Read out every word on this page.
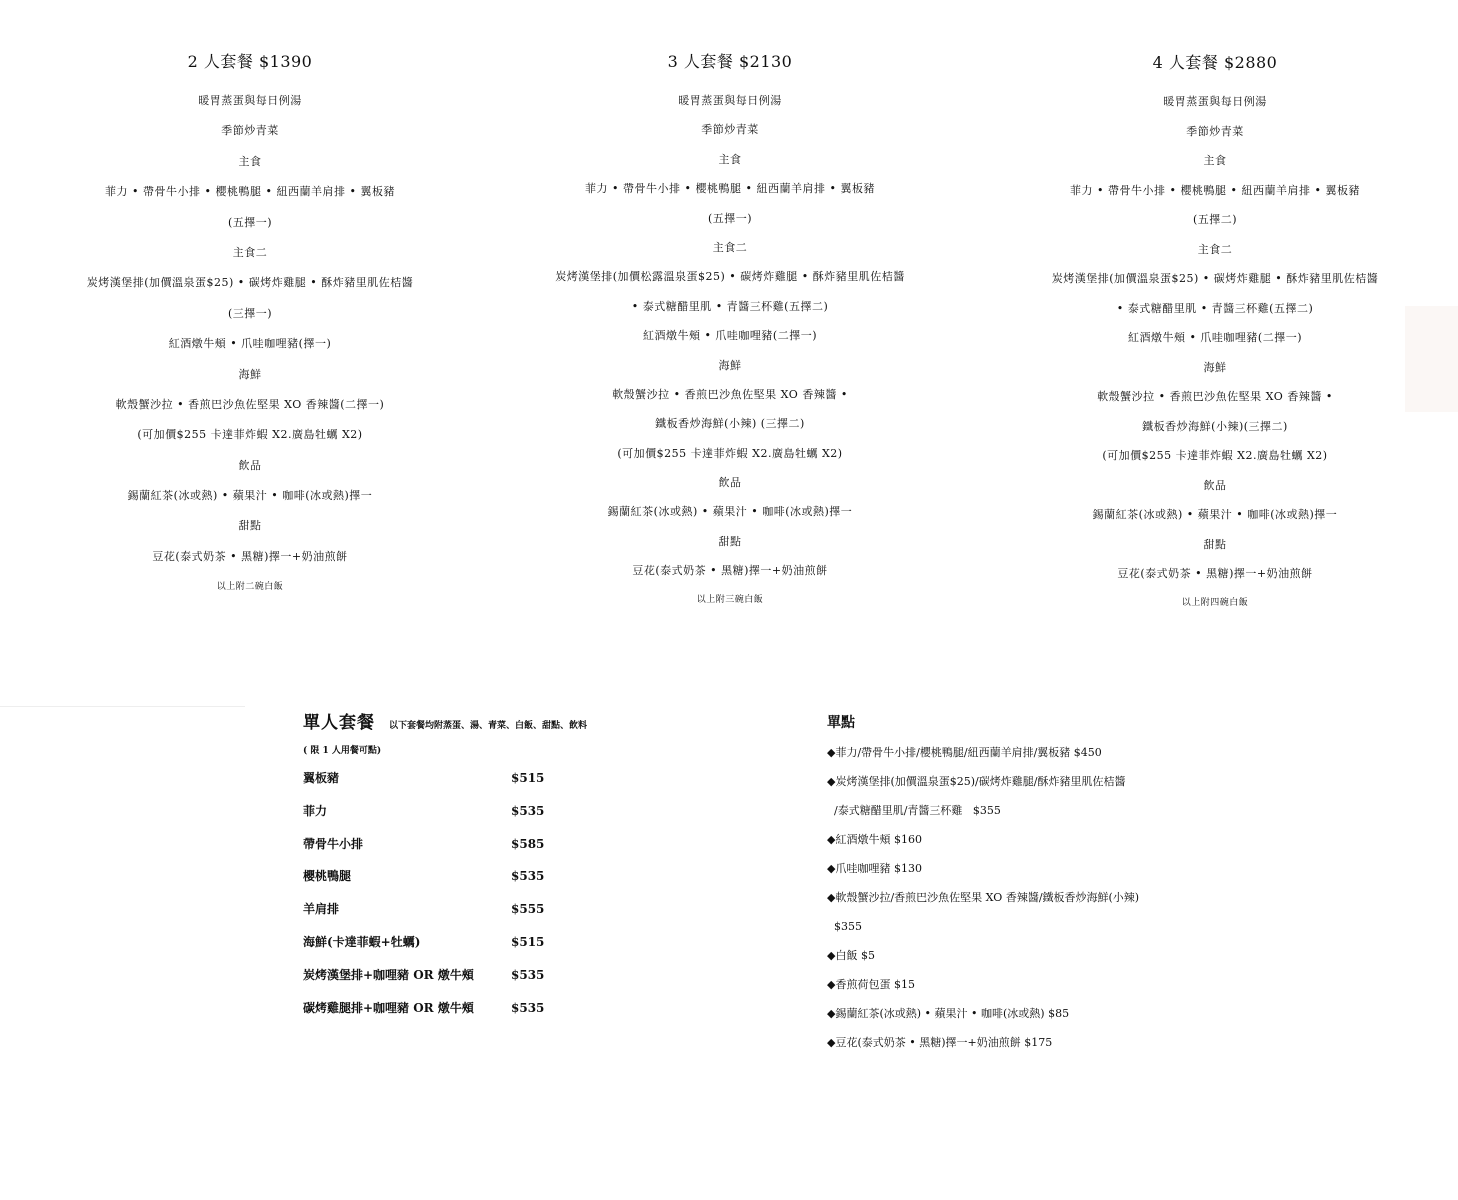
2 人套餐 $1390
暖胃蒸蛋與每日例湯
季節炒青菜
主食
菲力 • 帶骨牛小排 • 櫻桃鴨腿 • 紐西蘭羊肩排 • 翼板豬
(五擇一)
主食二
炭烤漢堡排(加價溫泉蛋$25) • 碳烤炸雞腿 • 酥炸豬里肌佐桔醬
(三擇一)
紅酒燉牛頰 • 爪哇咖哩豬(擇一)
海鮮
軟殼蟹沙拉 • 香煎巴沙魚佐堅果 XO 香辣醬(二擇一)
(可加價$255 卡達菲炸蝦 X2.廣島牡蠣 X2)
飲品
錫蘭紅茶(冰或熱) • 蘋果汁 • 咖啡(冰或熱)擇一
甜點
豆花(泰式奶茶 • 黑糖)擇一+奶油煎餅
以上附二碗白飯
3 人套餐 $2130
暖胃蒸蛋與每日例湯
季節炒青菜
主食
菲力 • 帶骨牛小排 • 櫻桃鴨腿 • 紐西蘭羊肩排 • 翼板豬
(五擇一)
主食二
炭烤漢堡排(加價松露溫泉蛋$25) • 碳烤炸雞腿 • 酥炸豬里肌佐桔醬
• 泰式糖醋里肌 • 青醬三杯雞(五擇二)
紅酒燉牛頰 • 爪哇咖哩豬(二擇一)
海鮮
軟殼蟹沙拉 • 香煎巴沙魚佐堅果 XO 香辣醬 •
鐵板香炒海鮮(小辣) (三擇二)
(可加價$255 卡達菲炸蝦 X2.廣島牡蠣 X2)
飲品
錫蘭紅茶(冰或熱) • 蘋果汁 • 咖啡(冰或熱)擇一
甜點
豆花(泰式奶茶 • 黑糖)擇一+奶油煎餅
以上附三碗白飯
4 人套餐 $2880
暖胃蒸蛋與每日例湯
季節炒青菜
主食
菲力 • 帶骨牛小排 • 櫻桃鴨腿 • 紐西蘭羊肩排 • 翼板豬
(五擇二)
主食二
炭烤漢堡排(加價溫泉蛋$25) • 碳烤炸雞腿 • 酥炸豬里肌佐桔醬
• 泰式糖醋里肌 • 青醬三杯雞(五擇二)
紅酒燉牛頰 • 爪哇咖哩豬(二擇一)
海鮮
軟殼蟹沙拉 • 香煎巴沙魚佐堅果 XO 香辣醬 •
鐵板香炒海鮮(小辣)(三擇二)
(可加價$255 卡達菲炸蝦 X2.廣島牡蠣 X2)
飲品
錫蘭紅茶(冰或熱) • 蘋果汁 • 咖啡(冰或熱)擇一
甜點
豆花(泰式奶茶 • 黑糖)擇一+奶油煎餅
以上附四碗白飯
單人套餐 以下套餐均附蒸蛋、湯、青菜、白飯、甜點、飲料
( 限 1 人用餐可點)
翼板豬	$515
菲力	$535
帶骨牛小排	$585
櫻桃鴨腿	$535
羊肩排	$555
海鮮(卡達菲蝦+牡蠣)	$515
炭烤漢堡排+咖哩豬 OR 燉牛頰	$535
碳烤雞腿排+咖哩豬 OR 燉牛頰	$535
單點
◆菲力/帶骨牛小排/櫻桃鴨腿/紐西蘭羊肩排/翼板豬 $450
◆炭烤漢堡排(加價溫泉蛋$25)/碳烤炸雞腿/酥炸豬里肌佐桔醬
/泰式糖醋里肌/青醬三杯雞   $355
◆紅酒燉牛頰 $160
◆爪哇咖哩豬 $130
◆軟殼蟹沙拉/香煎巴沙魚佐堅果 XO 香辣醬/鐵板香炒海鮮(小辣)
$355
◆白飯 $5
◆香煎荷包蛋 $15
◆錫蘭紅茶(冰或熱) • 蘋果汁 • 咖啡(冰或熱) $85
◆豆花(泰式奶茶 • 黑糖)擇一+奶油煎餅 $175
